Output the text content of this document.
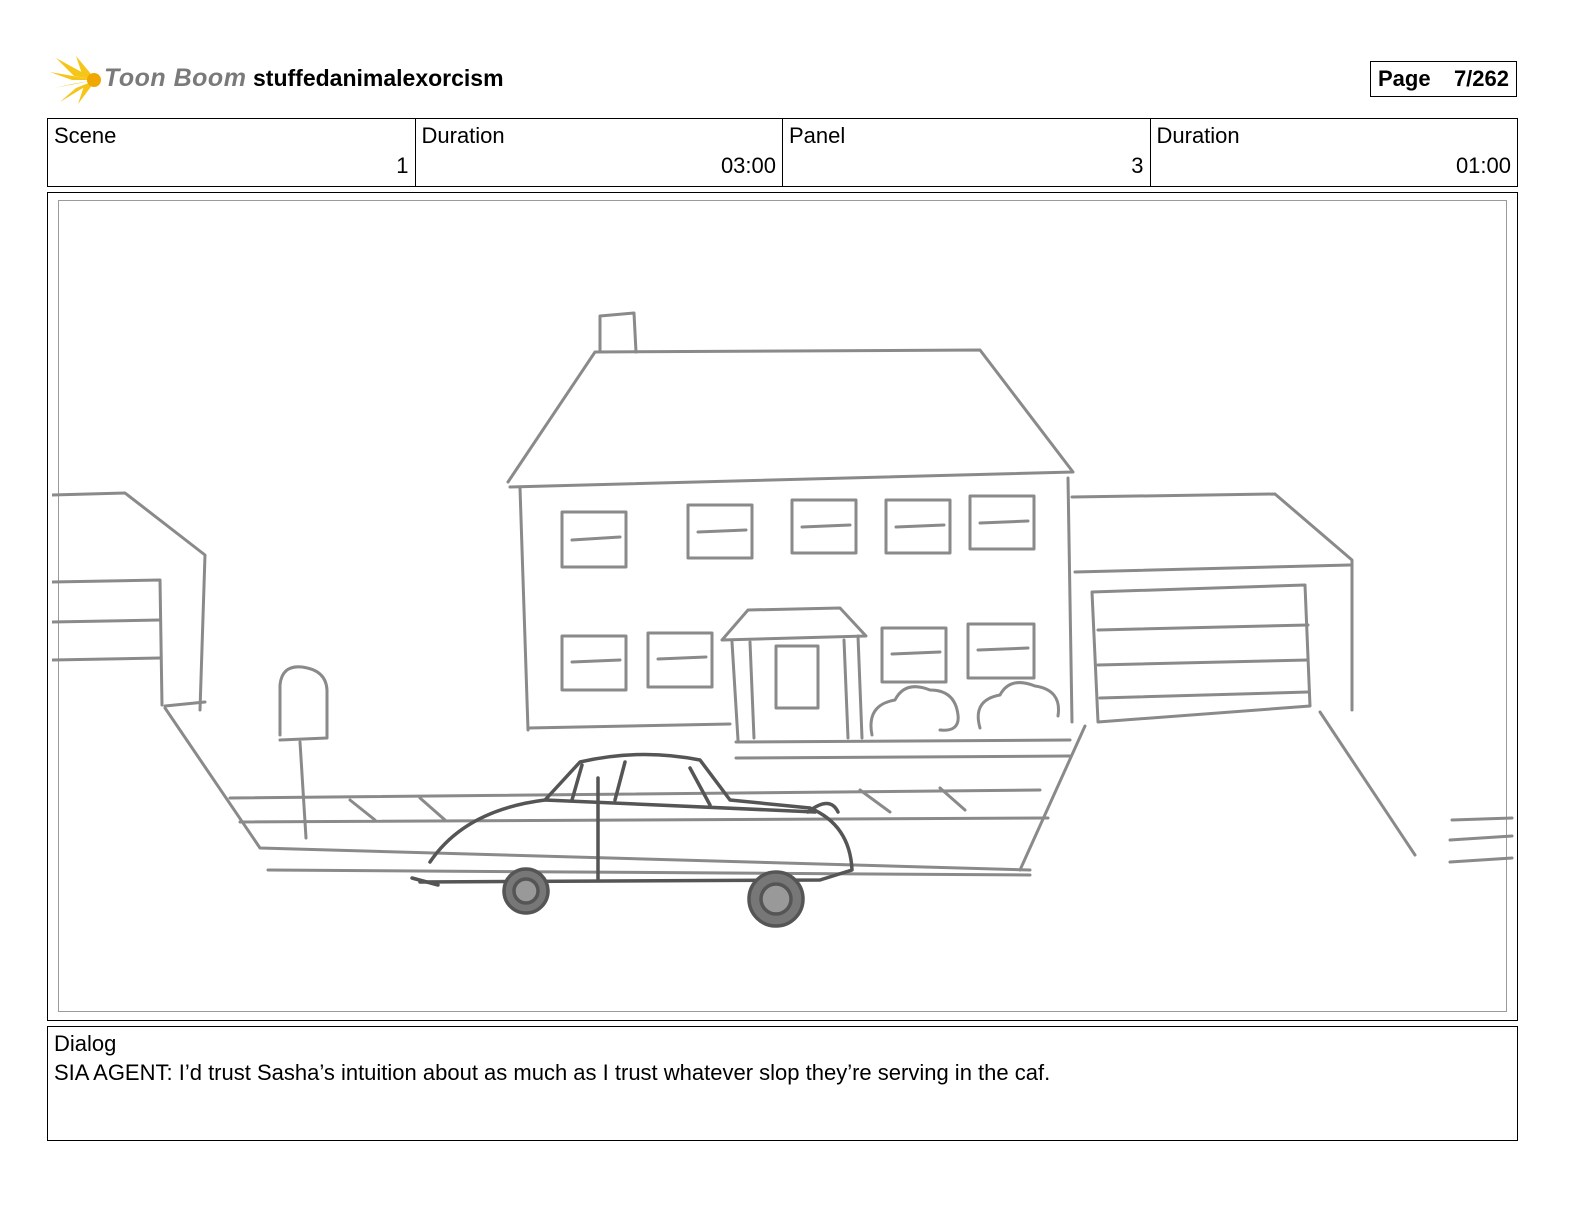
Toon Boom stuffedanimalexorcism	Page 7/262
Scene
1
Duration
03:00
Panel
3
Duration
01:00
Dialog
SIA AGENT: I’d trust Sasha’s intuition about as much as I trust whatever slop they’re serving in the caf.
